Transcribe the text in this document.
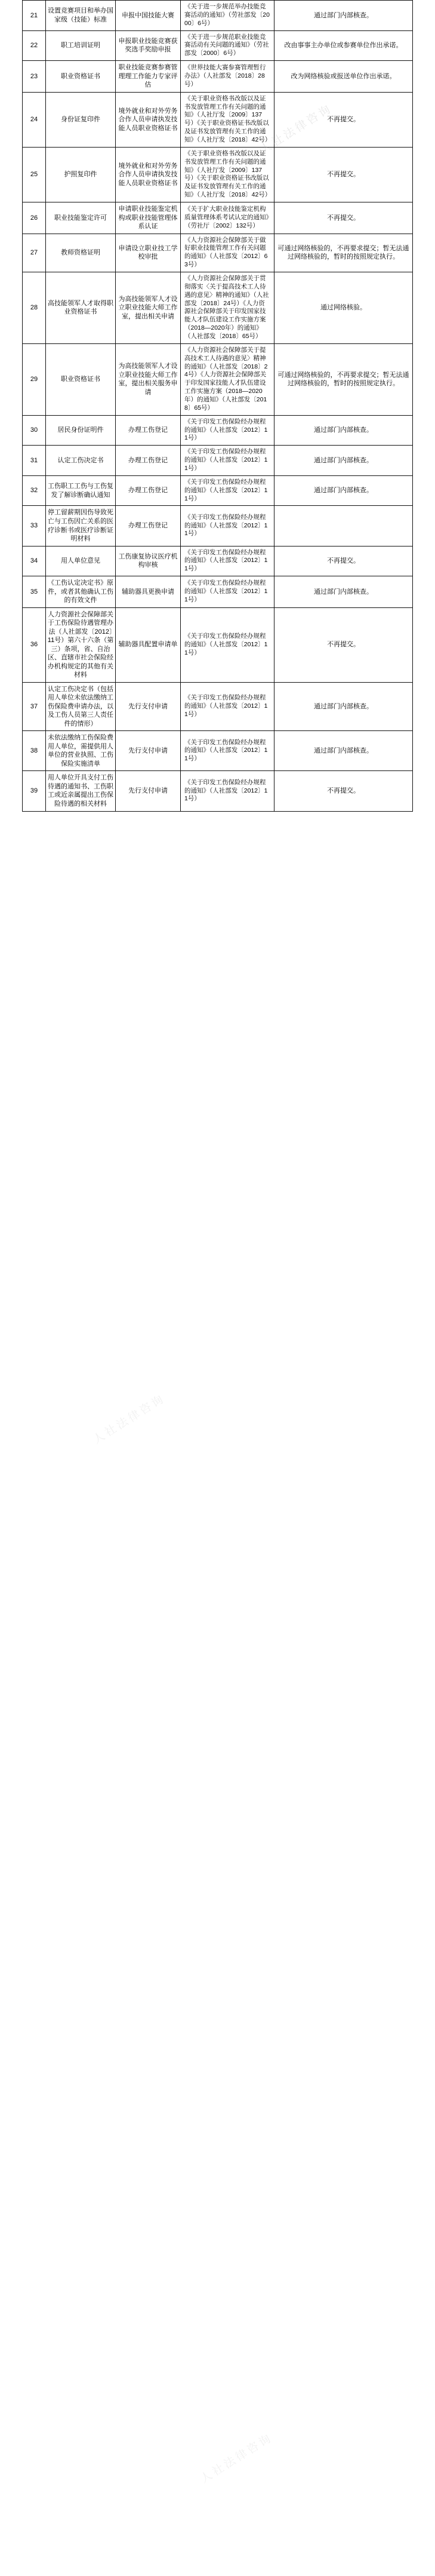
人社法律咨询
人社法律咨询
人社法律咨询
21	设置竞赛项目和举办国家级（技能）标准	申报中国技能大赛	《关于进一步规范举办技能竞赛活动的通知》（劳社部发〔2000〕6号）	通过部门内部核查。
22	职工培训证明	申报职业技能竞赛获奖选手奖励申报	《关于进一步规范职业技能竞赛活动有关问题的通知》（劳社部发〔2000〕6号）	改由事事主办单位或参赛单位作出承诺。
23	职业资格证书	职业技能竞赛参赛管理理工作能力专家评估	《世界技能大赛参赛管理暂行办法》（人社部发〔2018〕28号）	改为网络核验或报送单位作出承诺。
24	身份证复印件	境外就业和对外劳务合作人员申请执发技能人员职业资格证书	《关于职业资格书改版以及证书发放管理工作有关问题的通知》（人社厅发〔2009〕137号）《关于职业资格证书改版以及证书发放管理有关工作的通知》（人社厅发〔2018〕42号）	不再提交。
25	护照复印件	境外就业和对外劳务合作人员申请执发技能人员职业资格证书	《关于职业资格书改版以及证书发放管理工作有关问题的通知》（人社厅发〔2009〕137号）《关于职业资格证书改版以及证书发放管理有关工作的通知》（人社厅发〔2018〕42号）	不再提交。
26	职业技能鉴定许可	申请职业技能鉴定机构或职业技能管理体系认证	《关于扩大职业技能鉴定机构质量管理体系考试认定的通知》（劳社厅〔2002〕132号）	不再提交。
27	教师资格证明	申请设立职业技工学校审批	《人力资源社会保障部关于做好职业技能管理工作有关问题的通知》（人社部发〔2012〕63号）	可通过网络核验的，不再要求提交；暂无法通过网络核验的，暂时的按照规定执行。
28	高技能领军人才取得职业资格证书	为高技能领军人才设立职业技能大师工作室，提出相关申请	《人力资源社会保障部关于贯彻落实〈关于提高技术工人待遇的意见〉精神的通知》（人社部发〔2018〕24号）《人力资源社会保障部关于印发国家技能人才队伍建设工作实施方案（2018—2020年）的通知》（人社部发〔2018〕65号）	通过网络核验。
29	职业资格证书	为高技能领军人才设立职业技能大师工作室，提出相关服务申请	《人力资源社会保障部关于提高技术工人待遇的意见〉精神的通知》（人社部发〔2018〕24号）《人力资源社会保障部关于印发国家技能人才队伍建设工作实施方案（2018—2020年）的通知》（人社部发〔2018〕65号）	可通过网络核验的，不再要求提交；暂无法通过网络核验的，暂时的按照规定执行。
30	居民身份证明件	办理工伤登记	《关于印发工伤保险经办规程的通知》（人社部发〔2012〕11号）	通过部门内部核查。
31	认定工伤决定书	办理工伤登记	《关于印发工伤保险经办规程的通知》（人社部发〔2012〕11号）	通过部门内部核查。
32	工伤职工工伤与工伤复发了解诊断确认通知	办理工伤登记	《关于印发工伤保险经办规程的通知》（人社部发〔2012〕11号）	通过部门内部核查。
33	停工留薪期因伤导致死亡与工伤因亡关系的医疗诊断书或医疗诊断证明材料	办理工伤登记	《关于印发工伤保险经办规程的通知》（人社部发〔2012〕11号）	

34	用人单位意见	工伤康复协议医疗机构审核	《关于印发工伤保险经办规程的通知》（人社部发〔2012〕11号）	不再提交。
35	《工伤认定决定书》原件，或者其他确认工伤的有效文件	辅助器具更换申请	《关于印发工伤保险经办规程的通知》（人社部发〔2012〕11号）	通过部门内部核查。
36	人力资源社会保障部关于工伤保险待遇管理办法（人社部发〔2012〕11号）第六十六条（第三）条项，省、自治区、直辖市社会保险经办机构规定的其他有关材料	辅助器具配置申请单	《关于印发工伤保险经办规程的通知》（人社部发〔2012〕11号）	不再提交。
37	认定工伤决定书（包括用人单位未依法缴纳工伤保险费申请办法，以及工伤人员第三人责任件的情形）	先行支付申请	《关于印发工伤保险经办规程的通知》（人社部发〔2012〕11号）	通过部门内部核查。
38	未依法缴纳工伤保险费用人单位，需提供用人单位的营业执照、工伤保险实施清单	先行支付申请	《关于印发工伤保险经办规程的通知》（人社部发〔2012〕11号）	通过部门内部核查。
39	用人单位开具支付工伤待遇的通知书、工伤职工或近亲属提出工伤保险待遇的相关材料	先行支付申请	《关于印发工伤保险经办规程的通知》（人社部发〔2012〕11号）	不再提交。
